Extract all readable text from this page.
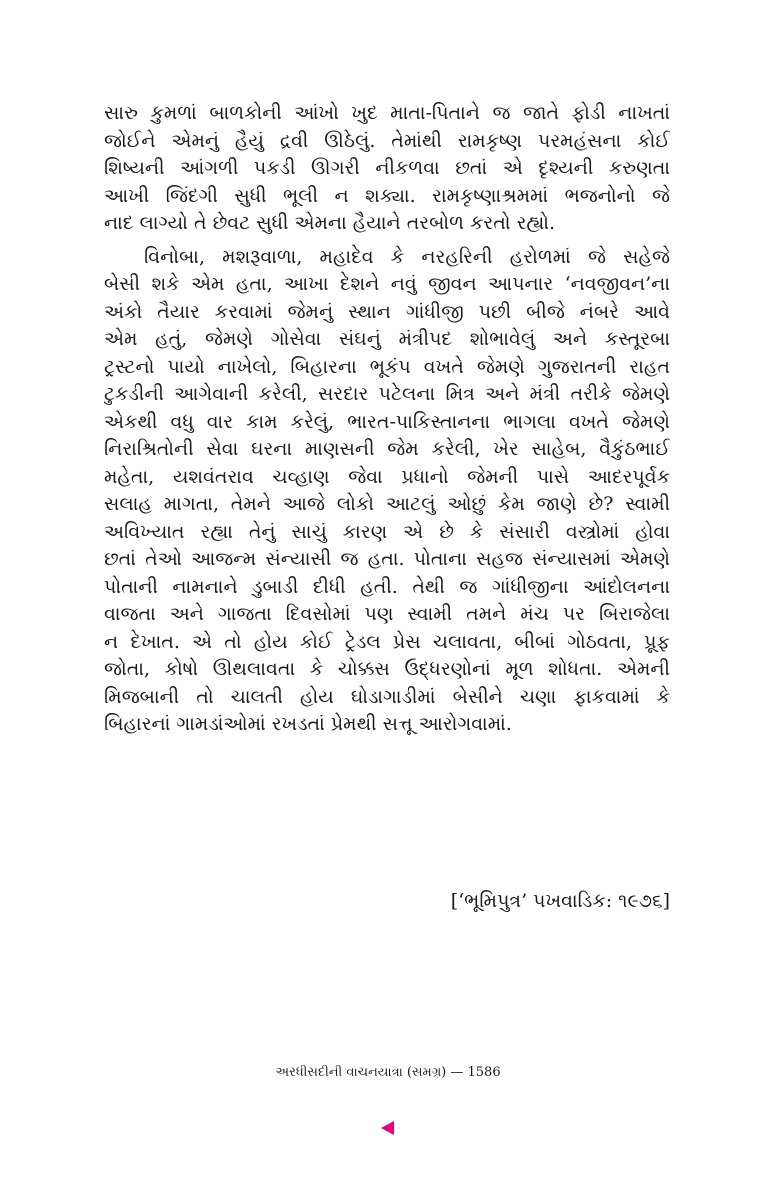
સારુ કુમળાં બાળકોની આંખો ખુદ માતા-પિતાને જ જાતે ફોડી નાખતાં
જોઈને એમનું હૈયું દ્રવી ઊઠેલું. તેમાંથી રામકૃષ્ણ પરમહંસના કોઈ
શિષ્યની આંગળી પકડી ઊગરી નીકળવા છતાં એ દૃશ્યની કરુણતા
આખી જિંદગી સુધી ભૂલી ન શક્યા. રામકૃષ્ણાશ્રમમાં ભજનોનો જે
નાદ લાગ્યો તે છેવટ સુધી એમના હૈયાને તરબોળ કરતો રહ્યો.
વિનોબા, મશરૂવાળા, મહાદેવ કે નરહરિની હરોળમાં જે સહેજે
બેસી શકે એમ હતા, આખા દેશને નવું જીવન આપનાર ‘નવજીવન’ના
અંકો તૈયાર કરવામાં જેમનું સ્થાન ગાંધીજી પછી બીજે નંબરે આવે
એમ હતું, જેમણે ગોસેવા સંઘનું મંત્રીપદ શોભાવેલું અને કસ્તૂરબા
ટ્રસ્ટનો પાયો નાખેલો, બિહારના ભૂકંપ વખતે જેમણે ગુજરાતની રાહત
ટુકડીની આગેવાની કરેલી, સરદાર પટેલના મિત્ર અને મંત્રી તરીકે જેમણે
એકથી વધુ વાર કામ કરેલું, ભારત-પાકિસ્તાનના ભાગલા વખતે જેમણે
નિરાશ્રિતોની સેવા ઘરના માણસની જેમ કરેલી, ખેર સાહેબ, વૈકુંઠભાઈ
મહેતા, યશવંતરાવ ચવ્હાણ જેવા પ્રધાનો જેમની પાસે આદરપૂર્વક
સલાહ માગતા, તેમને આજે લોકો આટલું ઓછું કેમ જાણે છે? સ્વામી
અવિખ્યાત રહ્યા તેનું સાચું કારણ એ છે કે સંસારી વસ્ત્રોમાં હોવા
છતાં તેઓ આજન્મ સંન્યાસી જ હતા. પોતાના સહજ સંન્યાસમાં એમણે
પોતાની નામનાને ડુબાડી દીધી હતી. તેથી જ ગાંધીજીના આંદોલનના
વાજતા અને ગાજતા દિવસોમાં પણ સ્વામી તમને મંચ પર બિરાજેલા
ન દેખાત. એ તો હોય કોઈ ટ્રેડલ પ્રેસ ચલાવતા, બીબાં ગોઠવતા, પ્રૂફ
જોતા, કોષો ઊથલાવતા કે ચોક્કસ ઉદ્ધરણોનાં મૂળ શોધતા. એમની
મિજબાની તો ચાલતી હોય ઘોડાગાડીમાં બેસીને ચણા ફાકવામાં કે
બિહારનાં ગામડાંઓમાં રખડતાં પ્રેમથી સત્તૂ આરોગવામાં.
[‘ભૂમિપુત્ર’ પખવાડિક: ૧૯૭૬]
અરધીસદીની વાચનયાત્રા (સમગ્ર) — 1586
